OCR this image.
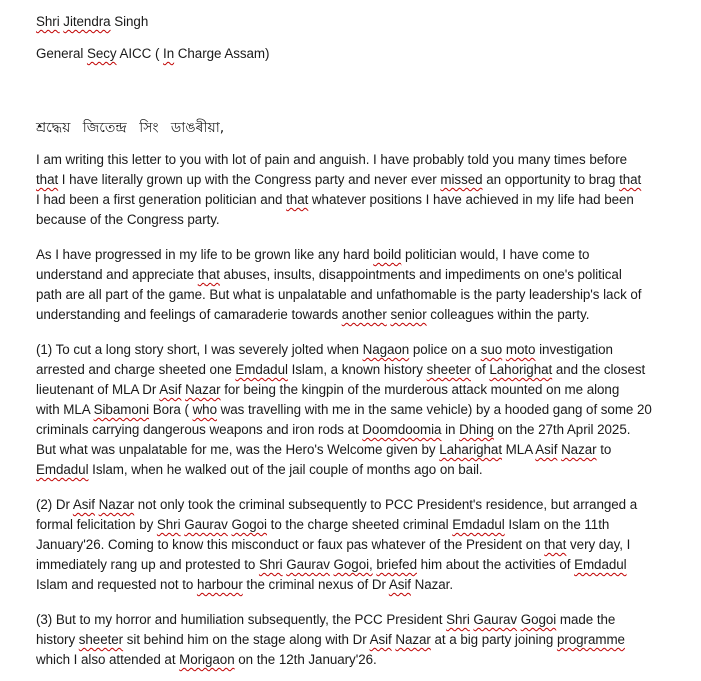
Shri Jitendra Singh

General Secy AICC ( In Charge Assam)

শ্ৰদ্ধেয় জিতেন্দ্ৰ সিং ডাঙৰীয়া,

I am writing this letter to you with lot of pain and anguish. I have probably told you many times before

that I have literally grown up with the Congress party and never ever missed an opportunity to brag that

I had been a first generation politician and that whatever positions I have achieved in my life had been

because of the Congress party.

As I have progressed in my life to be grown like any hard boild politician would, I have come to

understand and appreciate that abuses, insults, disappointments and impediments on one's political

path are all part of the game. But what is unpalatable and unfathomable is the party leadership's lack of

understanding and feelings of camaraderie towards another senior colleagues within the party.

(1) To cut a long story short, I was severely jolted when Nagaon police on a suo moto investigation

arrested and charge sheeted one Emdadul Islam, a known history sheeter of Lahorighat and the closest

lieutenant of MLA Dr Asif Nazar for being the kingpin of the murderous attack mounted on me along

with MLA Sibamoni Bora ( who was travelling with me in the same vehicle) by a hooded gang of some 20

criminals carrying dangerous weapons and iron rods at Doomdoomia in Dhing on the 27th April 2025.

But what was unpalatable for me, was the Hero's Welcome given by Laharighat MLA Asif Nazar to

Emdadul Islam, when he walked out of the jail couple of months ago on bail.

(2) Dr Asif Nazar not only took the criminal subsequently to PCC President's residence, but arranged a

formal felicitation by Shri Gaurav Gogoi to the charge sheeted criminal Emdadul Islam on the 11th

January'26. Coming to know this misconduct or faux pas whatever of the President on that very day, I

immediately rang up and protested to Shri Gaurav Gogoi, briefed him about the activities of Emdadul

Islam and requested not to harbour the criminal nexus of Dr Asif Nazar.

(3) But to my horror and humiliation subsequently, the PCC President Shri Gaurav Gogoi made the

history sheeter sit behind him on the stage along with Dr Asif Nazar at a big party joining programme

which I also attended at Morigaon on the 12th January'26.
